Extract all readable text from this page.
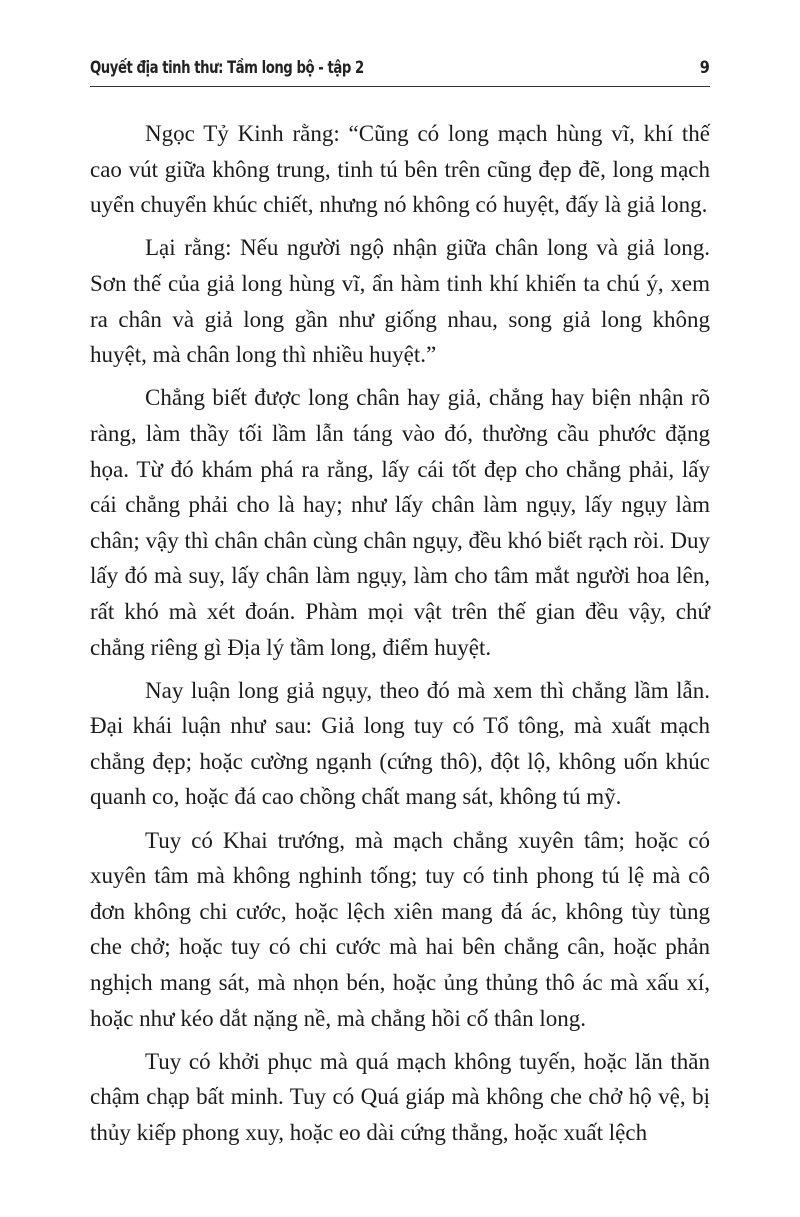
Quyết địa tinh thư: Tầm long bộ - tập 2	9

Ngọc Tỷ Kinh rằng: “Cũng có long mạch hùng vĩ, khí thế cao vút giữa không trung, tinh tú bên trên cũng đẹp đẽ, long mạch uyển chuyển khúc chiết, nhưng nó không có huyệt, đấy là giả long.

Lại rằng: Nếu người ngộ nhận giữa chân long và giả long. Sơn thế của giả long hùng vĩ, ẩn hàm tinh khí khiến ta chú ý, xem ra chân và giả long gần như giống nhau, song giả long không huyệt, mà chân long thì nhiều huyệt.”

Chẳng biết được long chân hay giả, chẳng hay biện nhận rõ ràng, làm thầy tối lầm lẫn táng vào đó, thường cầu phước đặng họa. Từ đó khám phá ra rằng, lấy cái tốt đẹp cho chẳng phải, lấy cái chẳng phải cho là hay; như lấy chân làm ngụy, lấy ngụy làm chân; vậy thì chân chân cùng chân ngụy, đều khó biết rạch ròi. Duy lấy đó mà suy, lấy chân làm ngụy, làm cho tâm mắt người hoa lên, rất khó mà xét đoán. Phàm mọi vật trên thế gian đều vậy, chứ chẳng riêng gì Địa lý tầm long, điểm huyệt.

Nay luận long giả ngụy, theo đó mà xem thì chẳng lầm lẫn. Đại khái luận như sau: Giả long tuy có Tổ tông, mà xuất mạch chẳng đẹp; hoặc cường ngạnh (cứng thô), đột lộ, không uốn khúc quanh co, hoặc đá cao chồng chất mang sát, không tú mỹ.

Tuy có Khai trướng, mà mạch chẳng xuyên tâm; hoặc có xuyên tâm mà không nghinh tống; tuy có tinh phong tú lệ mà cô đơn không chi cước, hoặc lệch xiên mang đá ác, không tùy tùng che chở; hoặc tuy có chi cước mà hai bên chẳng cân, hoặc phản nghịch mang sát, mà nhọn bén, hoặc ủng thủng thô ác mà xấu xí, hoặc như kéo dắt nặng nề, mà chẳng hồi cố thân long.

Tuy có khởi phục mà quá mạch không tuyến, hoặc lăn thăn chậm chạp bất minh. Tuy có Quá giáp mà không che chở hộ vệ, bị thủy kiếp phong xuy, hoặc eo dài cứng thẳng, hoặc xuất lệch
